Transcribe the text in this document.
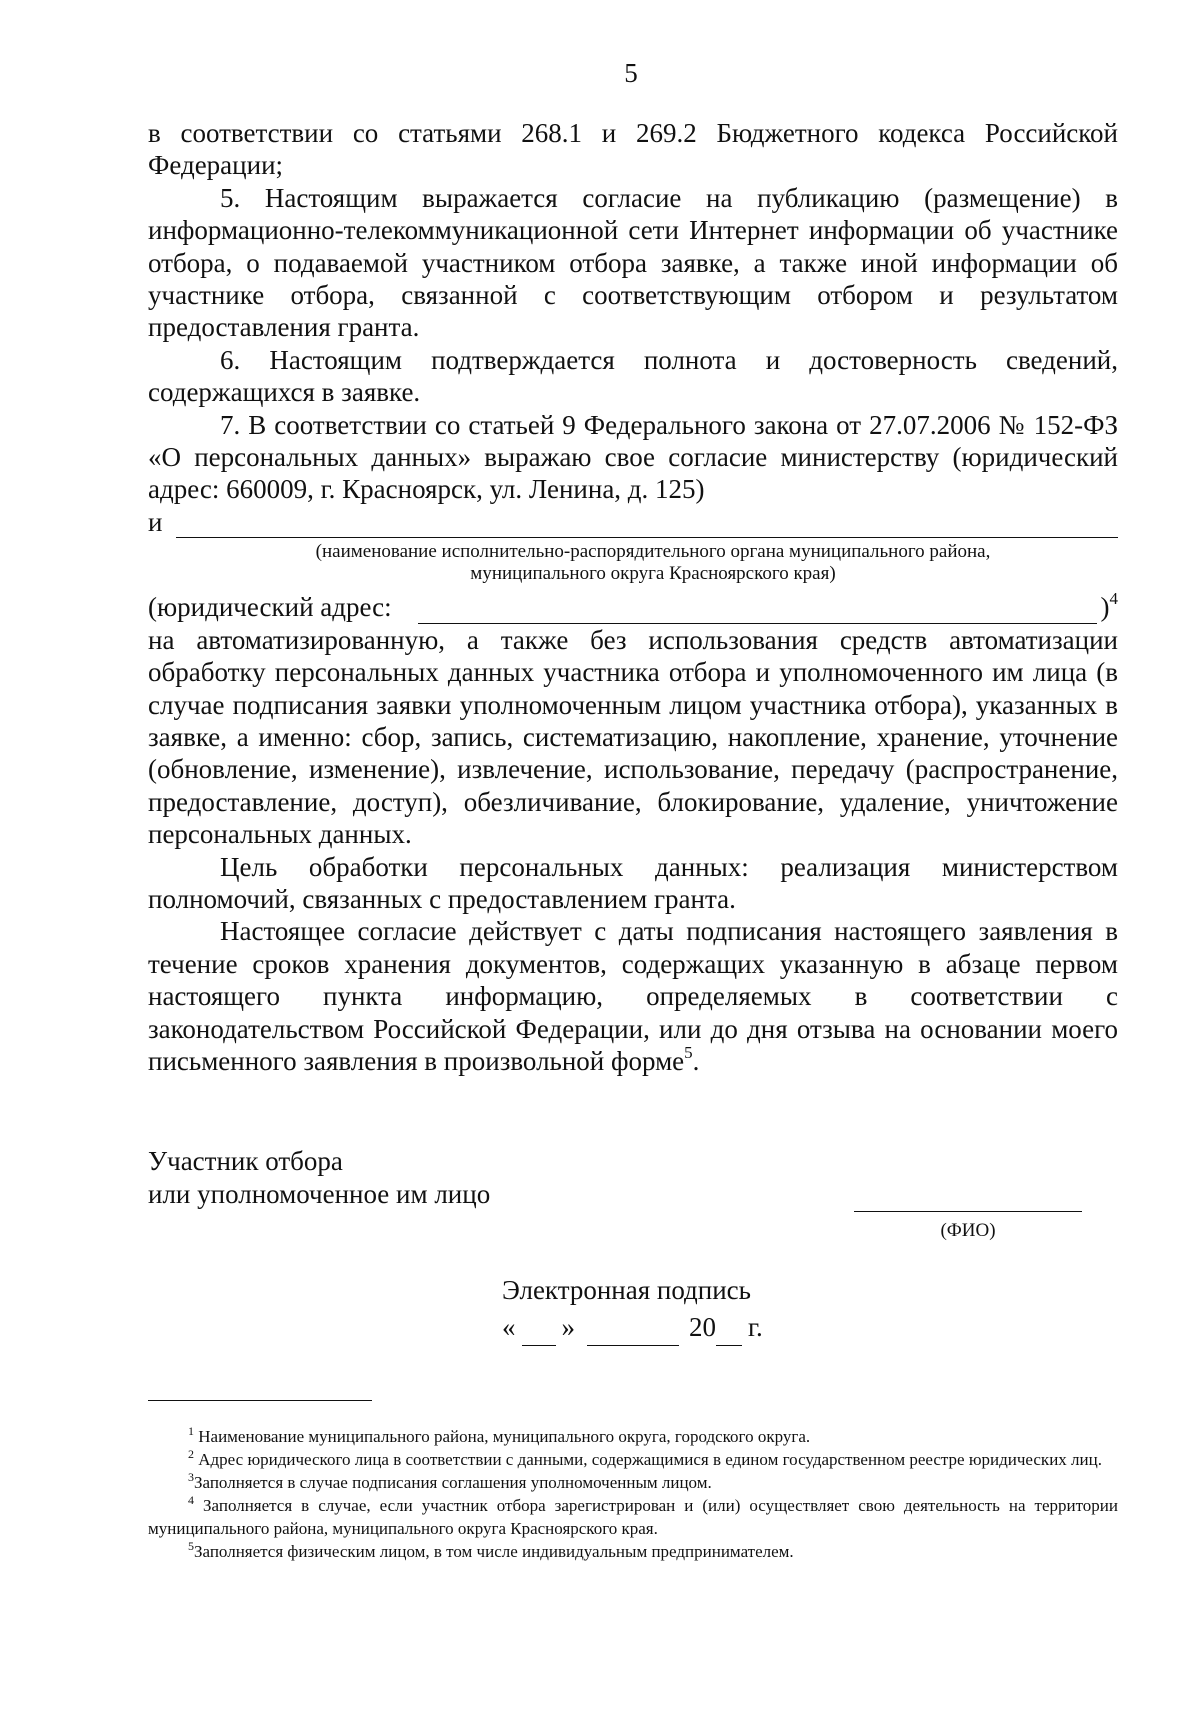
5

в соответствии со статьями 268.1 и 269.2 Бюджетного кодекса Российской Федерации;

5. Настоящим выражается согласие на публикацию (размещение) в информационно-телекоммуникационной сети Интернет информации об участнике отбора, о подаваемой участником отбора заявке, а также иной информации об участнике отбора, связанной с соответствующим отбором и результатом предоставления гранта.

6. Настоящим подтверждается полнота и достоверность сведений, содержащихся в заявке.

7. В соответствии со статьей 9 Федерального закона от 27.07.2006 № 152-ФЗ «О персональных данных» выражаю свое согласие министерству (юридический адрес: 660009, г. Красноярск, ул. Ленина, д. 125)

и
(наименование исполнительно-распорядительного органа муниципального района,
муниципального округа Красноярского края)
(юридический адрес:	)$^4$

на автоматизированную, а также без использования средств автоматизации обработку персональных данных участника отбора и уполномоченного им лица (в случае подписания заявки уполномоченным лицом участника отбора), указанных в заявке, а именно: сбор, запись, систематизацию, накопление, хранение, уточнение (обновление, изменение), извлечение, использование, передачу (распространение, предоставление, доступ), обезличивание, блокирование, удаление, уничтожение персональных данных.

Цель обработки персональных данных: реализация министерством полномочий, связанных с предоставлением гранта.

Настоящее согласие действует с даты подписания настоящего заявления в течение сроков хранения документов, содержащих указанную в абзаце первом настоящего пункта информацию, определяемых в соответствии с законодательством Российской Федерации, или до дня отзыва на основании моего письменного заявления в произвольной форме$^5$.

Участник отбора
или уполномоченное им лицо
(ФИО)
Электронная подпись
« »	20 г.

$^1$ Наименование муниципального района, муниципального округа, городского округа.

$^2$ Адрес юридического лица в соответствии с данными, содержащимися в едином государственном реестре юридических лиц.

$^3$Заполняется в случае подписания соглашения уполномоченным лицом.

$^4$ Заполняется в случае, если участник отбора зарегистрирован и (или) осуществляет свою деятельность на территории муниципального района, муниципального округа Красноярского края.

$^5$Заполняется физическим лицом, в том числе индивидуальным предпринимателем.
